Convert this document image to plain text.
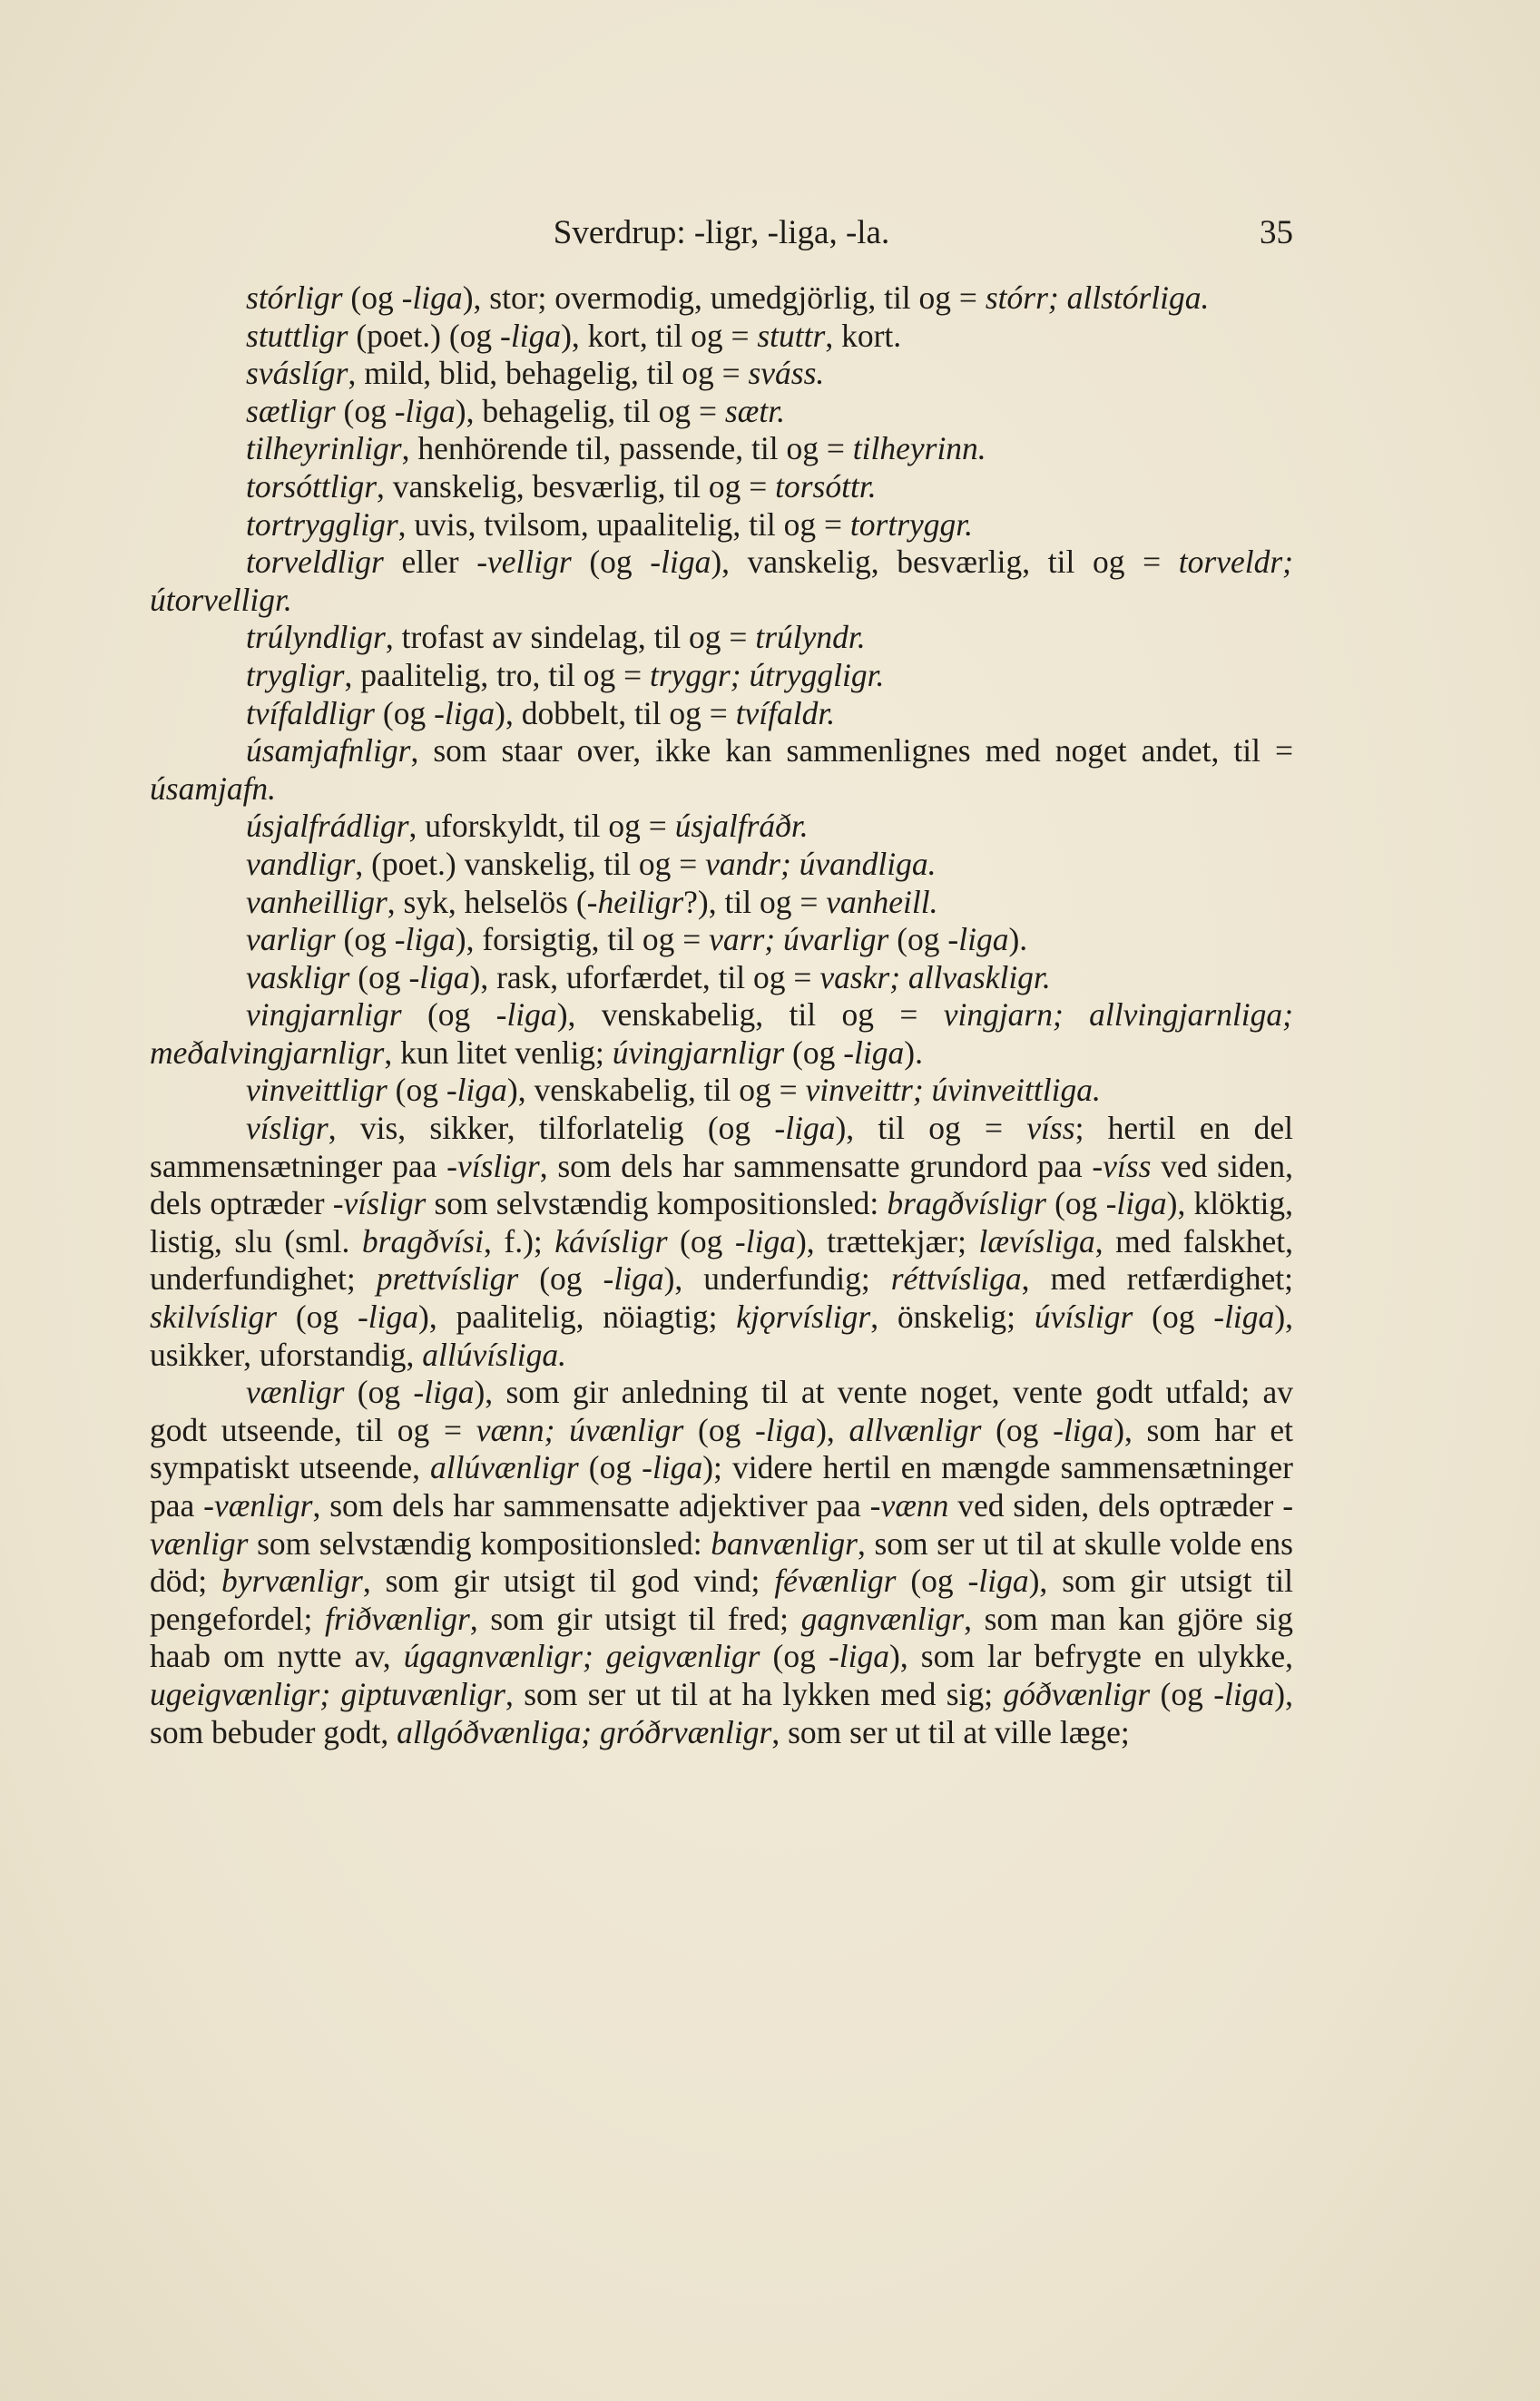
Sverdrup: -ligr, -liga, -la.	35

stórligr (og -liga), stor; overmodig, umedgjörlig, til og = stórr; allstórliga.

stuttligr (poet.) (og -liga), kort, til og = stuttr, kort.

sváslígr, mild, blid, behagelig, til og = sváss.

sætligr (og -liga), behagelig, til og = sætr.

tilheyrinligr, henhörende til, passende, til og = tilheyrinn.

torsóttligr, vanskelig, besværlig, til og = torsóttr.

tortryggligr, uvis, tvilsom, upaalitelig, til og = tortryggr.

torveldligr eller -velligr (og -liga), vanskelig, besværlig, til og = torveldr; útorvelligr.

trúlyndligr, trofast av sindelag, til og = trúlyndr.

trygligr, paalitelig, tro, til og = tryggr; útryggligr.

tvífaldligr (og -liga), dobbelt, til og = tvífaldr.

úsamjafnligr, som staar over, ikke kan sammenlignes med noget andet, til = úsamjafn.

úsjalfrádligr, uforskyldt, til og = úsjalfráðr.

vandligr, (poet.) vanskelig, til og = vandr; úvandliga.

vanheilligr, syk, helselös (-heiligr?), til og = vanheill.

varligr (og -liga), forsigtig, til og = varr; úvarligr (og -liga).

vaskligr (og -liga), rask, uforfærdet, til og = vaskr; allvaskligr.

vingjarnligr (og -liga), venskabelig, til og = vingjarn; allvingjarnliga; meðalvingjarnligr, kun litet venlig; úvingjarnligr (og -liga).

vinveittligr (og -liga), venskabelig, til og = vinveittr; úvinveittliga.

vísligr, vis, sikker, tilforlatelig (og -liga), til og = víss; hertil en del sammensætninger paa -vísligr, som dels har sammensatte grundord paa -víss ved siden, dels optræder -vísligr som selvstændig kompositionsled: bragðvísligr (og -liga), klöktig, listig, slu (sml. bragðvísi, f.); kávísligr (og -liga), trættekjær; lævísliga, med falskhet, underfundighet; prettvísligr (og -liga), underfundig; réttvísliga, med retfærdighet; skilvísligr (og -liga), paalitelig, nöiagtig; kjǫrvísligr, önskelig; úvísligr (og -liga), usikker, uforstandig, allúvísliga.

vænligr (og -liga), som gir anledning til at vente noget, vente godt utfald; av godt utseende, til og = vænn; úvænligr (og -liga), allvænligr (og -liga), som har et sympatiskt utseende, allúvænligr (og -liga); videre hertil en mængde sammensætninger paa -vænligr, som dels har sammensatte adjektiver paa -vænn ved siden, dels optræder -vænligr som selvstændig kompositionsled: banvænligr, som ser ut til at skulle volde ens död; byrvænligr, som gir utsigt til god vind; févænligr (og -liga), som gir utsigt til pengefordel; friðvænligr, som gir utsigt til fred; gagnvænligr, som man kan gjöre sig haab om nytte av, úgagnvænligr; geigvænligr (og -liga), som lar befrygte en ulykke, ugeigvænligr; giptuvænligr, som ser ut til at ha lykken med sig; góðvænligr (og -liga), som bebuder godt, allgóðvænliga; gróðrvænligr, som ser ut til at ville læge;
